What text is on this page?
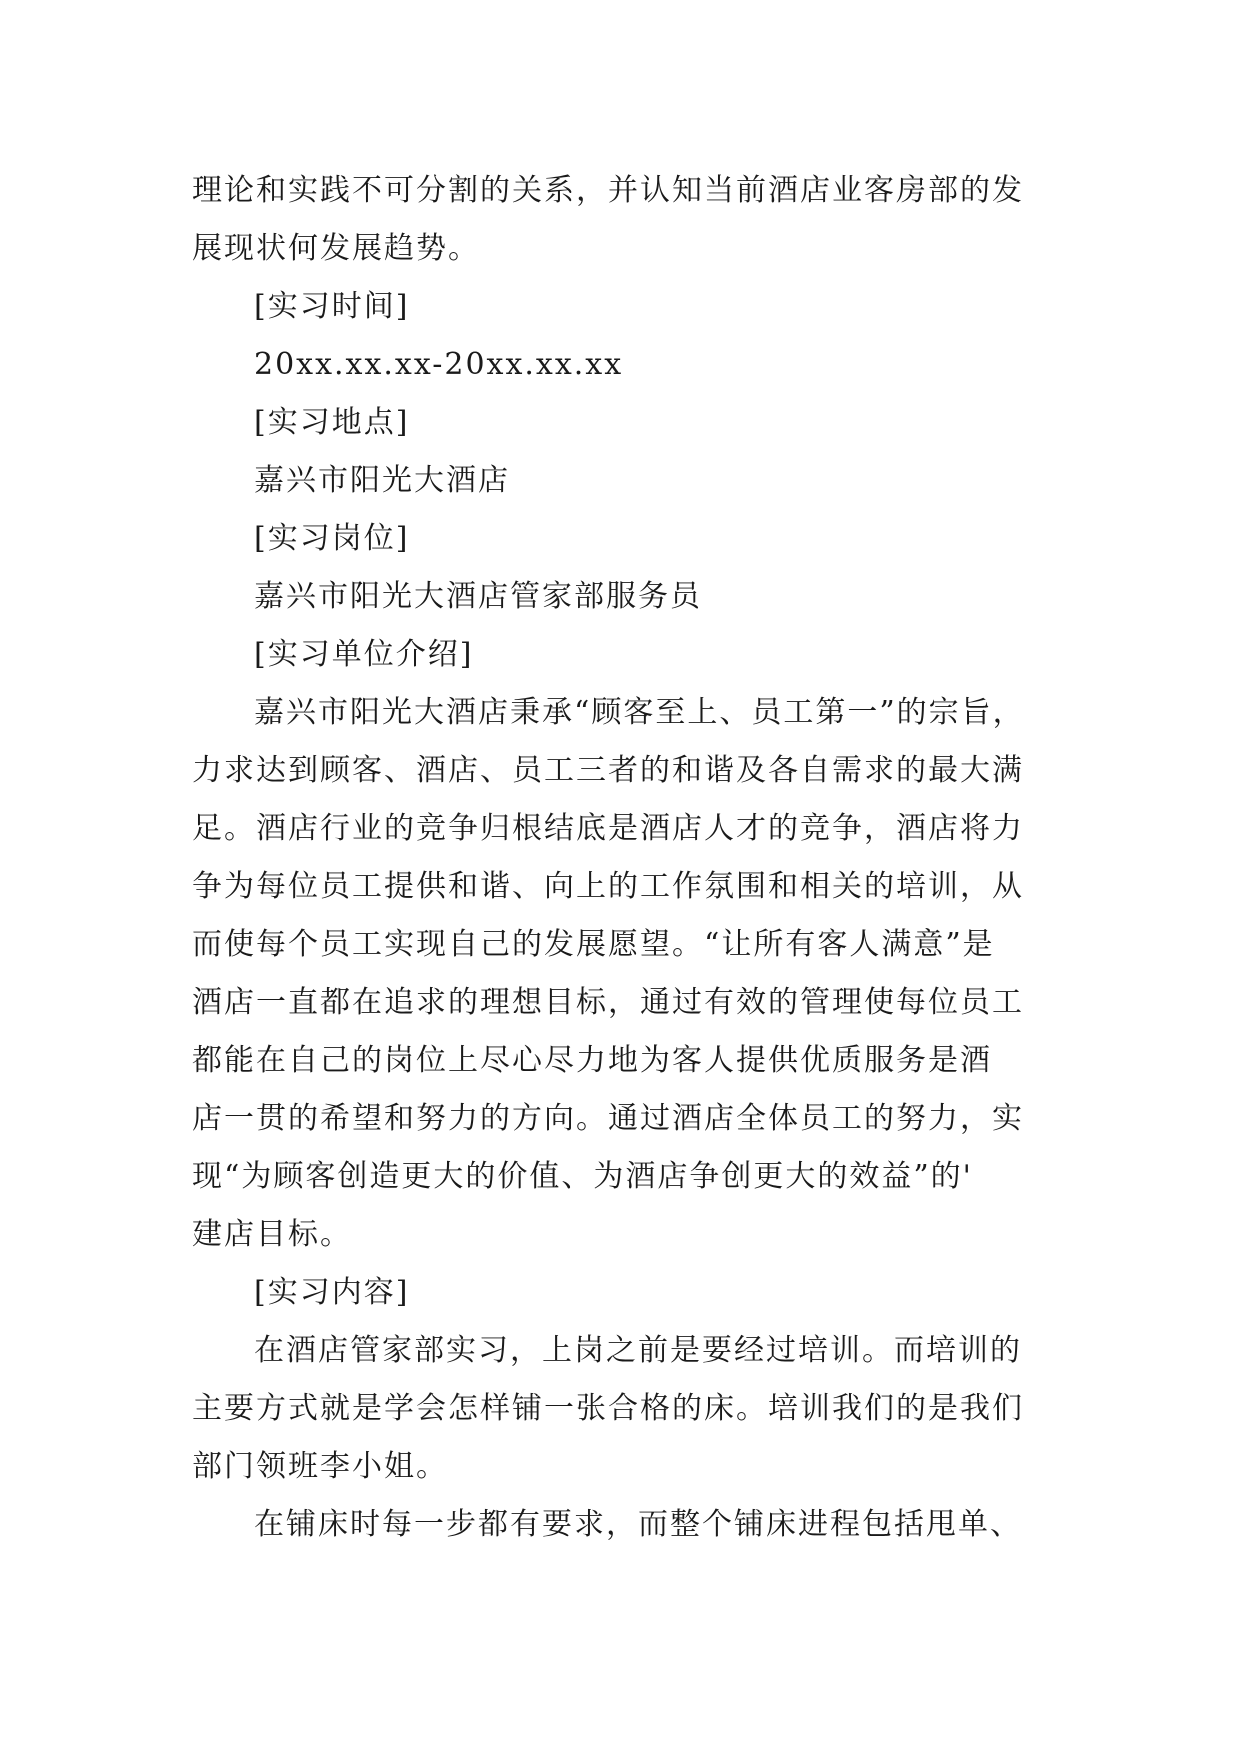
理论和实践不可分割的关系，并认知当前酒店业客房部的发
展现状何发展趋势。
[实习时间]
20xx.xx.xx-20xx.xx.xx
[实习地点]
嘉兴市阳光大酒店
[实习岗位]
嘉兴市阳光大酒店管家部服务员
[实习单位介绍]
嘉兴市阳光大酒店秉承“顾客至上、员工第一”的宗旨，
力求达到顾客、酒店、员工三者的和谐及各自需求的最大满
足。酒店行业的竞争归根结底是酒店人才的竞争，酒店将力
争为每位员工提供和谐、向上的工作氛围和相关的培训，从
而使每个员工实现自己的发展愿望。“让所有客人满意”是
酒店一直都在追求的理想目标，通过有效的管理使每位员工
都能在自己的岗位上尽心尽力地为客人提供优质服务是酒
店一贯的希望和努力的方向。通过酒店全体员工的努力，实
现“为顾客创造更大的价值、为酒店争创更大的效益”的'
建店目标。
[实习内容]
在酒店管家部实习，上岗之前是要经过培训。而培训的
主要方式就是学会怎样铺一张合格的床。培训我们的是我们
部门领班李小姐。
在铺床时每一步都有要求，而整个铺床进程包括甩单、
